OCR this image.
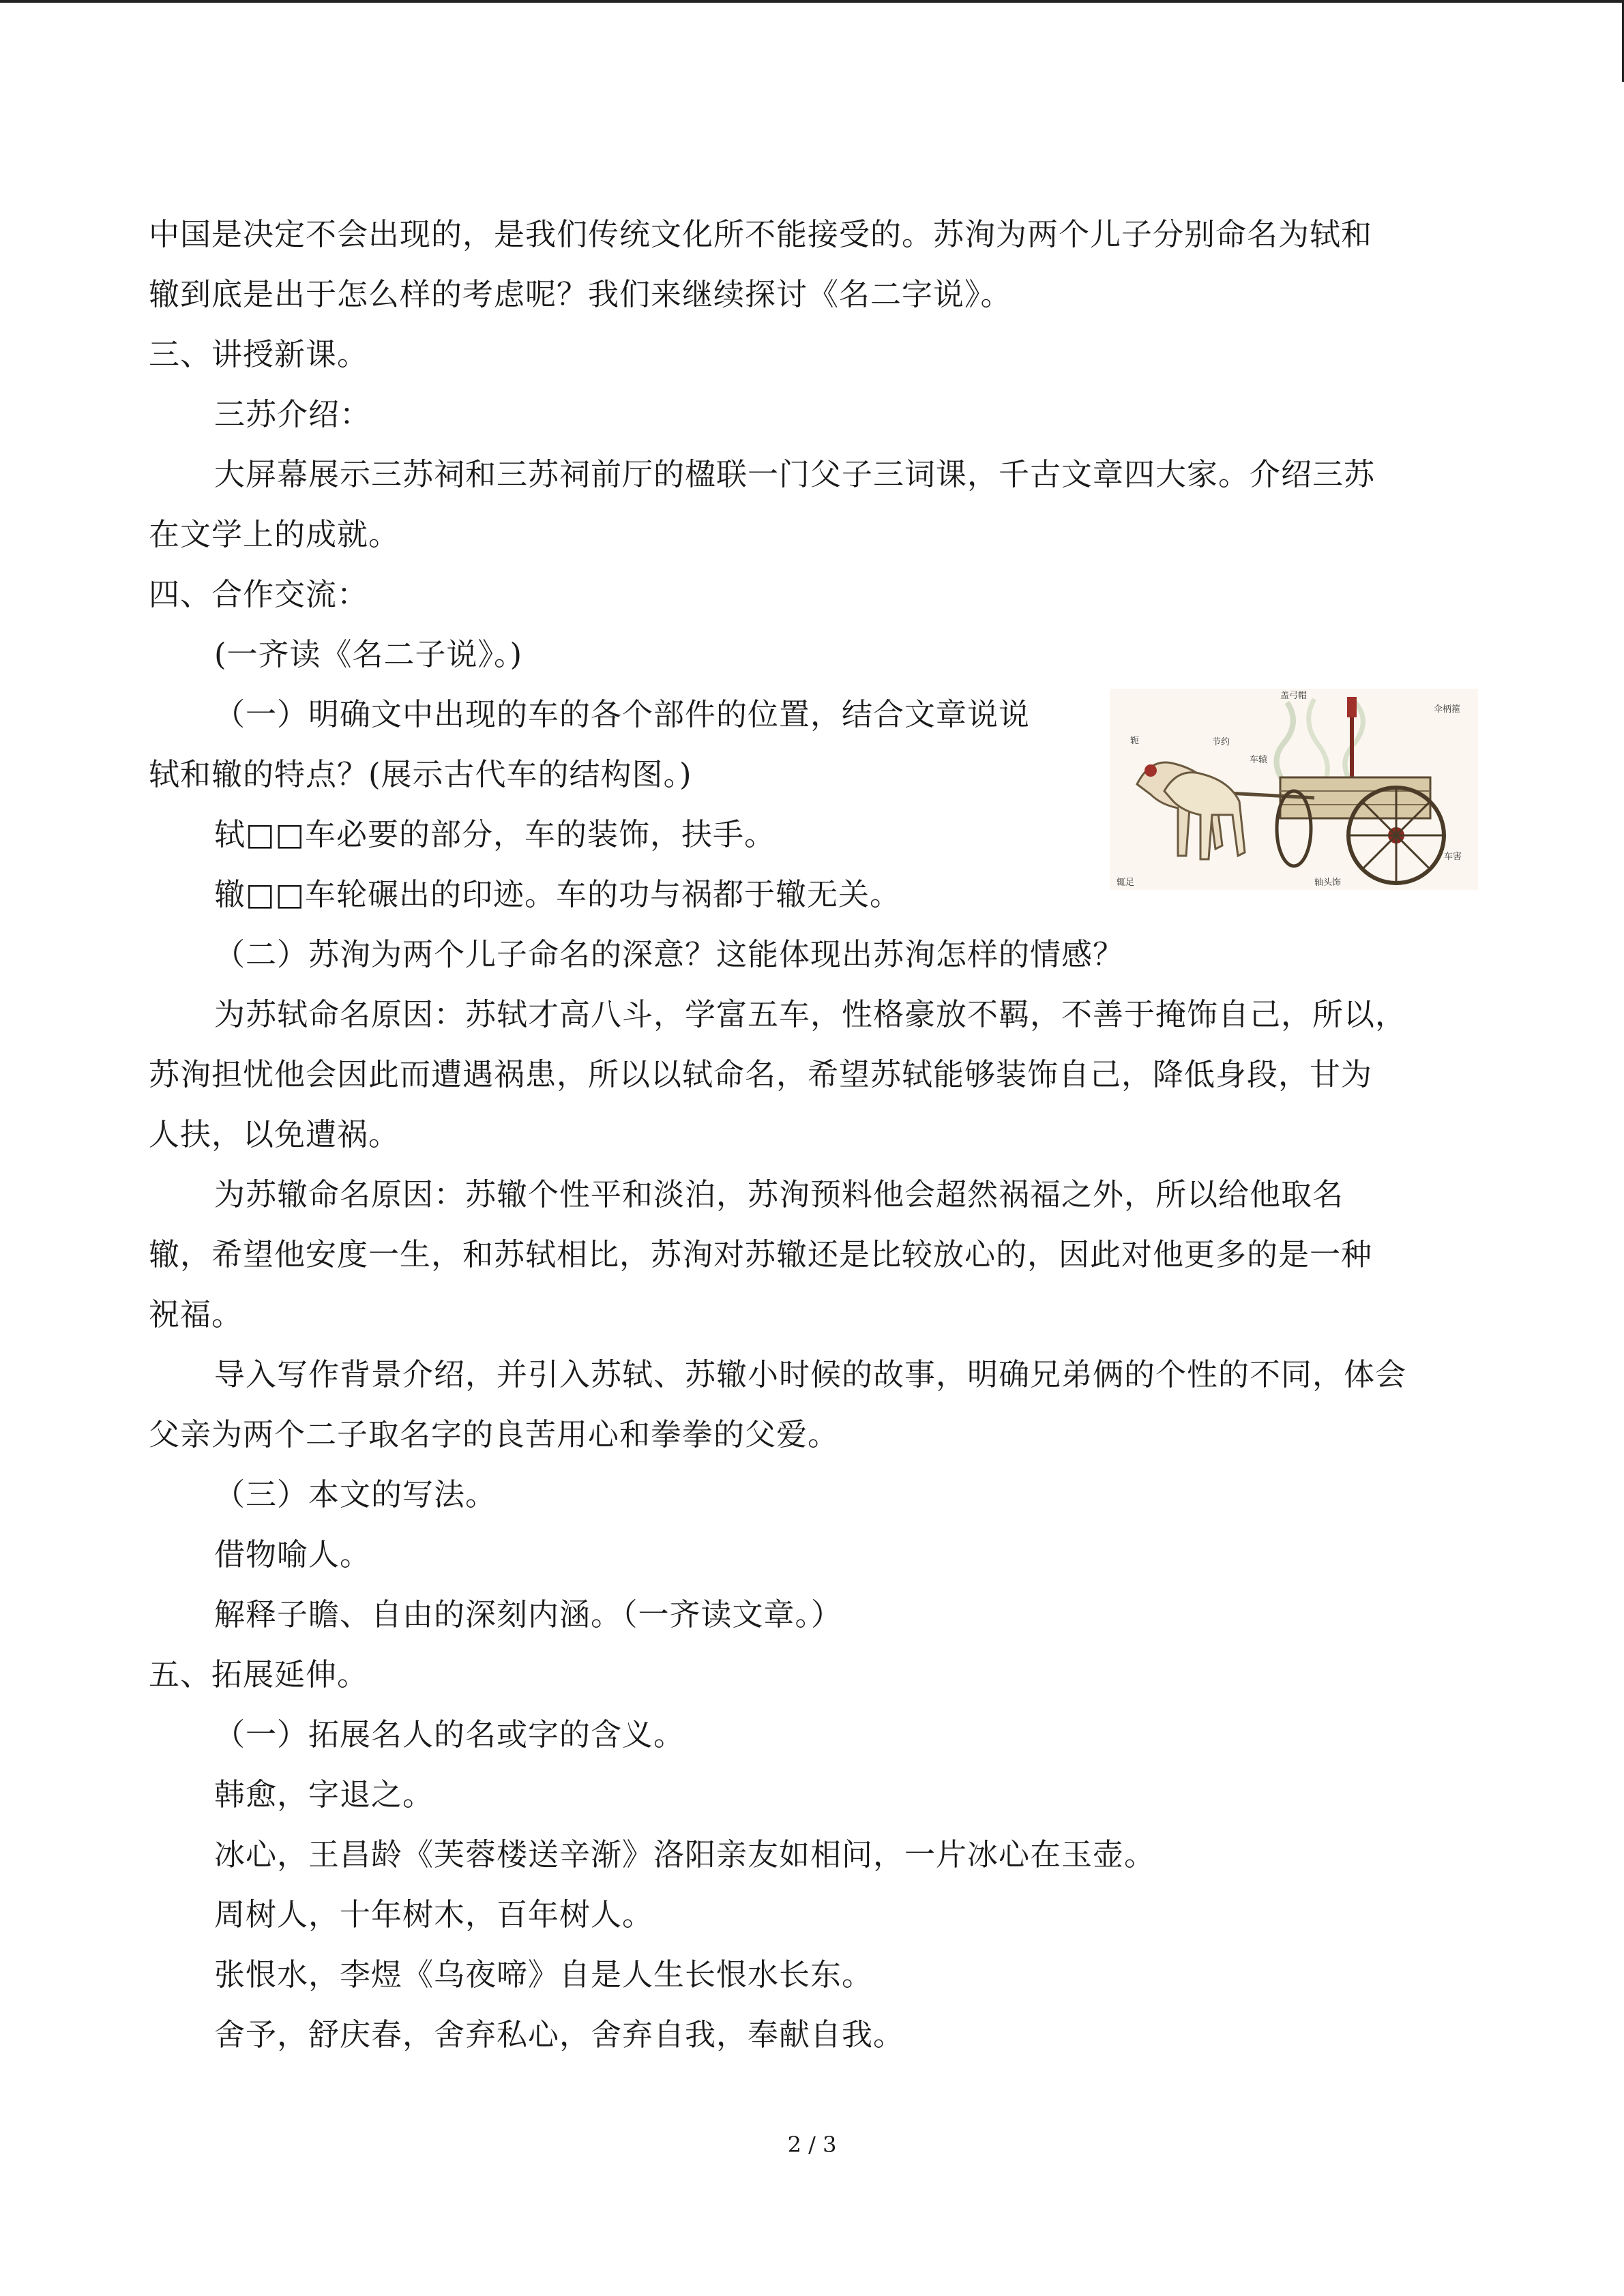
中国是决定不会出现的，是我们传统文化所不能接受的。苏洵为两个儿子分别命名为轼和
辙到底是出于怎么样的考虑呢？我们来继续探讨《名二字说》。
三、讲授新课。
三苏介绍：
大屏幕展示三苏祠和三苏祠前厅的楹联一门父子三词课，千古文章四大家。介绍三苏
在文学上的成就。
四、合作交流：
(一齐读《名二子说》。)
（一）明确文中出现的车的各个部件的位置，结合文章说说
轼和辙的特点？(展示古代车的结构图。)
轼□□车必要的部分，车的装饰，扶手。
辙□□车轮碾出的印迹。车的功与祸都于辙无关。
（二）苏洵为两个儿子命名的深意？这能体现出苏洵怎样的情感？
为苏轼命名原因：苏轼才高八斗，学富五车，性格豪放不羁，不善于掩饰自己，所以，
苏洵担忧他会因此而遭遇祸患，所以以轼命名，希望苏轼能够装饰自己，降低身段，甘为
人扶，以免遭祸。
为苏辙命名原因：苏辙个性平和淡泊，苏洵预料他会超然祸福之外，所以给他取名
辙，希望他安度一生，和苏轼相比，苏洵对苏辙还是比较放心的，因此对他更多的是一种
祝福。
导入写作背景介绍，并引入苏轼、苏辙小时候的故事，明确兄弟俩的个性的不同，体会
父亲为两个二子取名字的良苦用心和拳拳的父爱。
（三）本文的写法。
借物喻人。
解释子瞻、自由的深刻内涵。（一齐读文章。）
五、拓展延伸。
（一）拓展名人的名或字的含义。
韩愈，字退之。
冰心，王昌龄《芙蓉楼送辛渐》洛阳亲友如相问，一片冰心在玉壶。
周树人，十年树木，百年树人。
张恨水，李煜《乌夜啼》自是人生长恨水长东。
舍予，舒庆春，舍弃私心，舍弃自我，奉献自我。
盖弓帽
伞柄箍
节约
车辕
轭
车害
轴头饰
辄足
2 / 3
